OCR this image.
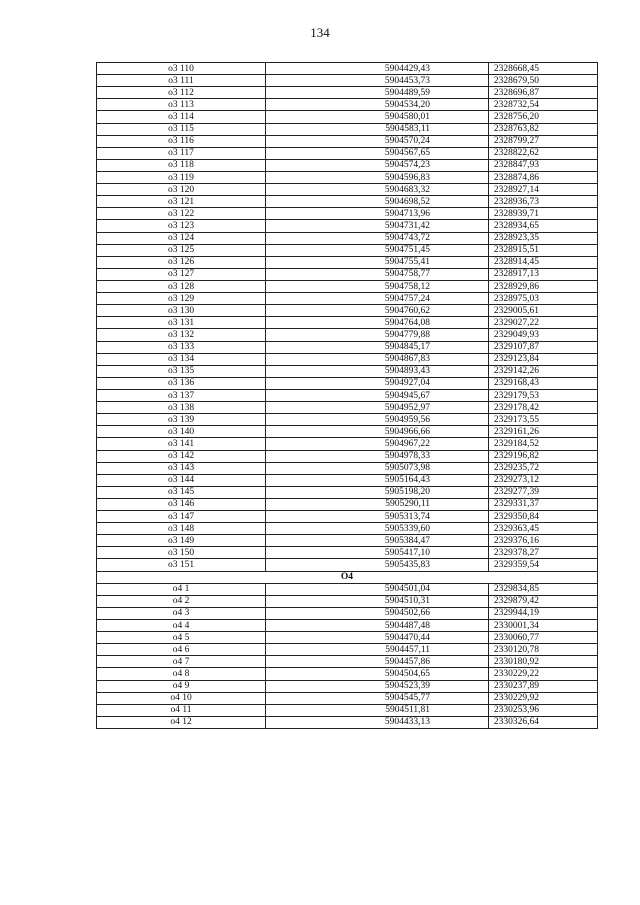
134
о3 110	5904429,43	2328668,45
о3 111	5904453,73	2328679,50
о3 112	5904489,59	2328696,87
о3 113	5904534,20	2328732,54
о3 114	5904580,01	2328756,20
о3 115	5904583,11	2328763,82
о3 116	5904570,24	2328799,27
о3 117	5904567,65	2328822,62
о3 118	5904574,23	2328847,93
о3 119	5904596,83	2328874,86
о3 120	5904683,32	2328927,14
о3 121	5904698,52	2328936,73
о3 122	5904713,96	2328939,71
о3 123	5904731,42	2328934,65
о3 124	5904743,72	2328923,35
о3 125	5904751,45	2328915,51
о3 126	5904755,41	2328914,45
о3 127	5904758,77	2328917,13
о3 128	5904758,12	2328929,86
о3 129	5904757,24	2328975,03
о3 130	5904760,62	2329005,61
о3 131	5904764,08	2329027,22
о3 132	5904779,88	2329049,93
о3 133	5904845,17	2329107,87
о3 134	5904867,83	2329123,84
о3 135	5904893,43	2329142,26
о3 136	5904927,04	2329168,43
о3 137	5904945,67	2329179,53
о3 138	5904952,97	2329178,42
о3 139	5904959,56	2329173,55
о3 140	5904966,66	2329161,26
о3 141	5904967,22	2329184,52
о3 142	5904978,33	2329196,82
о3 143	5905073,98	2329235,72
о3 144	5905164,43	2329273,12
о3 145	5905198,20	2329277,39
о3 146	5905290,11	2329331,37
о3 147	5905313,74	2329350,84
о3 148	5905339,60	2329363,45
о3 149	5905384,47	2329376,16
о3 150	5905417,10	2329378,27
о3 151	5905435,83	2329359,54
О4		
о4 1	5904501,04	2329834,85
о4 2	5904510,31	2329879,42
о4 3	5904502,66	2329944,19
о4 4	5904487,48	2330001,34
о4 5	5904470,44	2330060,77
о4 6	5904457,11	2330120,78
о4 7	5904457,86	2330180,92
о4 8	5904504,65	2330229,22
о4 9	5904523,39	2330237,89
о4 10	5904545,77	2330229,92
о4 11	5904511,81	2330253,96
о4 12	5904433,13	2330326,64
